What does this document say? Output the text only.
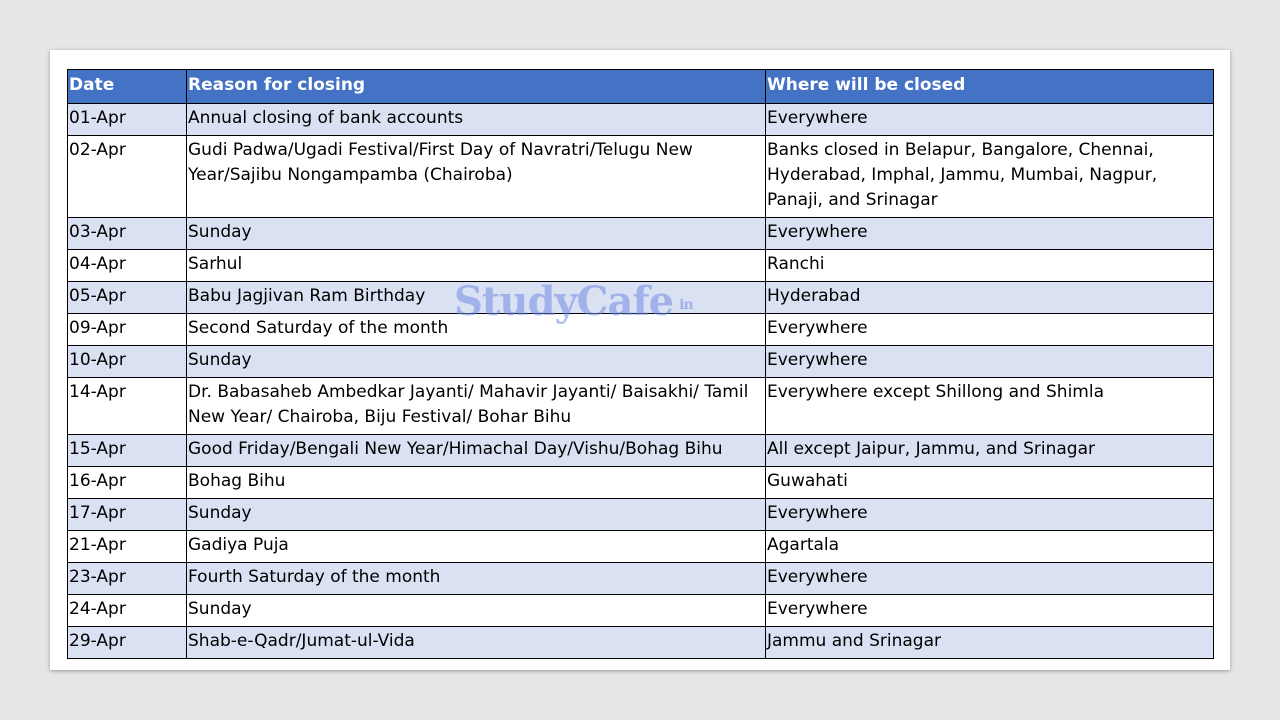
Date	Reason for closing	Where will be closed
01-Apr	Annual closing of bank accounts	Everywhere
02-Apr	Gudi Padwa/Ugadi Festival/First Day of Navratri/Telugu New Year/Sajibu Nongampamba (Chairoba)	Banks closed in Belapur, Bangalore, Chennai, Hyderabad, Imphal, Jammu, Mumbai, Nagpur, Panaji, and Srinagar
03-Apr	Sunday	Everywhere
04-Apr	Sarhul	Ranchi
05-Apr	Babu Jagjivan Ram Birthday	Hyderabad
09-Apr	Second Saturday of the month	Everywhere
10-Apr	Sunday	Everywhere
14-Apr	Dr. Babasaheb Ambedkar Jayanti/ Mahavir Jayanti/ Baisakhi/ Tamil New Year/ Chairoba, Biju Festival/ Bohar Bihu	Everywhere except Shillong and Shimla
15-Apr	Good Friday/Bengali New Year/Himachal Day/Vishu/Bohag Bihu	All except Jaipur, Jammu, and Srinagar
16-Apr	Bohag Bihu	Guwahati
17-Apr	Sunday	Everywhere
21-Apr	Gadiya Puja	Agartala
23-Apr	Fourth Saturday of the month	Everywhere
24-Apr	Sunday	Everywhere
29-Apr	Shab-e-Qadr/Jumat-ul-Vida	Jammu and Srinagar
StudyCafe in
